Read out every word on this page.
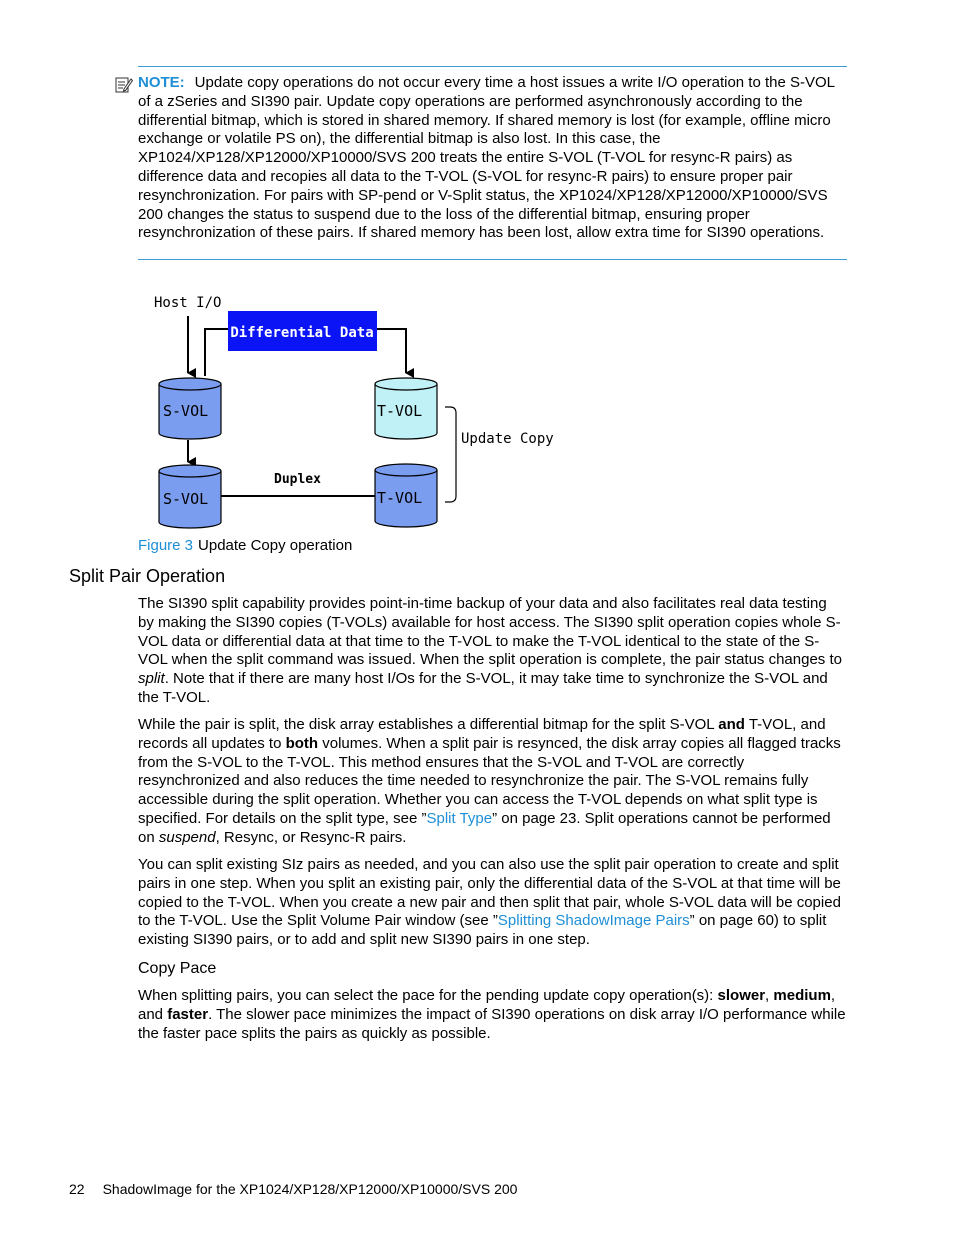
NOTE: Update copy operations do not occur every time a host issues a write I/O operation to the S-VOL of a zSeries and SI390 pair. Update copy operations are performed asynchronously according to the differential bitmap, which is stored in shared memory. If shared memory is lost (for example, offline micro exchange or volatile PS on), the differential bitmap is also lost. In this case, the XP1024/XP128/XP12000/XP10000/SVS 200 treats the entire S-VOL (T-VOL for resync-R pairs) as difference data and recopies all data to the T-VOL (S-VOL for resync-R pairs) to ensure proper pair resynchronization. For pairs with SP-pend or V-Split status, the XP1024/XP128/XP12000/XP10000/SVS 200 changes the status to suspend due to the loss of the differential bitmap, ensuring proper resynchronization of these pairs. If shared memory has been lost, allow extra time for SI390 operations.

Host I/O
Differential Data
S-VOL	T-VOL
S-VOL
Duplex
T-VOL
Update Copy
Figure 3 Update Copy operation
Split Pair Operation

The SI390 split capability provides point-in-time backup of your data and also facilitates real data testing by making the SI390 copies (T-VOLs) available for host access. The SI390 split operation copies whole S-VOL data or differential data at that time to the T-VOL to make the T-VOL identical to the state of the S-VOL when the split command was issued. When the split operation is complete, the pair status changes to split. Note that if there are many host I/Os for the S-VOL, it may take time to synchronize the S-VOL and the T-VOL.

While the pair is split, the disk array establishes a differential bitmap for the split S-VOL and T-VOL, and records all updates to both volumes. When a split pair is resynced, the disk array copies all flagged tracks from the S-VOL to the T-VOL. This method ensures that the S-VOL and T-VOL are correctly resynchronized and also reduces the time needed to resynchronize the pair. The S-VOL remains fully accessible during the split operation. Whether you can access the T-VOL depends on what split type is specified. For details on the split type, see ”Split Type” on page 23. Split operations cannot be performed on suspend, Resync, or Resync-R pairs.

You can split existing SIz pairs as needed, and you can also use the split pair operation to create and split pairs in one step. When you split an existing pair, only the differential data of the S-VOL at that time will be copied to the T-VOL. When you create a new pair and then split that pair, whole S-VOL data will be copied to the T-VOL. Use the Split Volume Pair window (see ”Splitting ShadowImage Pairs” on page 60) to split existing SI390 pairs, or to add and split new SI390 pairs in one step.

Copy Pace

When splitting pairs, you can select the pace for the pending update copy operation(s): slower, medium, and faster. The slower pace minimizes the impact of SI390 operations on disk array I/O performance while the faster pace splits the pairs as quickly as possible.

22 ShadowImage for the XP1024/XP128/XP12000/XP10000/SVS 200
